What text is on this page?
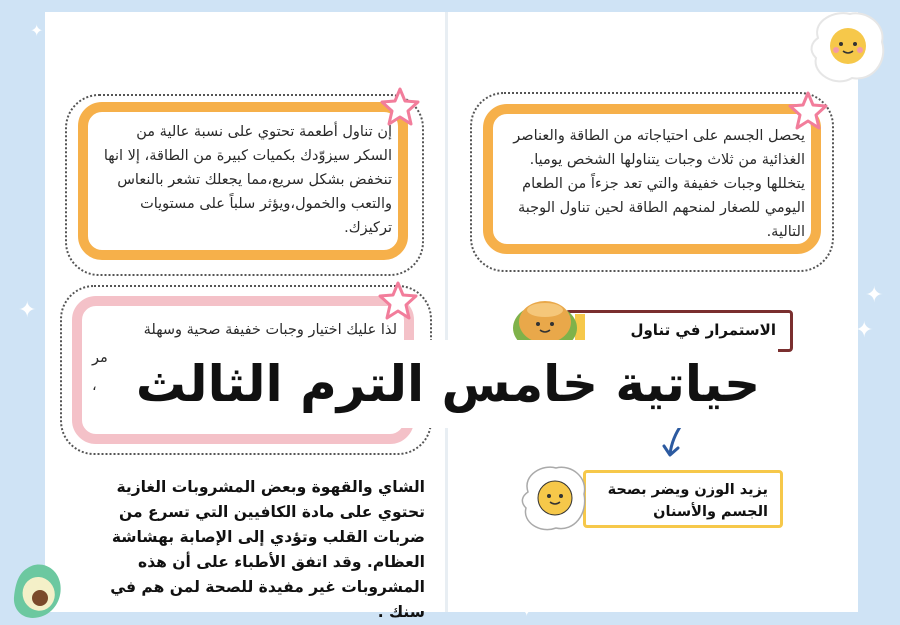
✦
✦
✦
✦
✦
✦
يحصل الجسم على احتياجاته من الطاقة والعناصر الغذائية من ثلاث وجبات يتناولها الشخص يوميا. يتخللها وجبات خفيفة والتي تعد جزءاً من الطعام اليومي للصغار لمنحهم الطاقة لحين تناول الوجبة التالية.
إن تناول أطعمة تحتوي على نسبة عالية من السكر سيزوّدك بكميات كبيرة من الطاقة، إلا انها تنخفض بشكل سريع،مما يجعلك تشعر بالنعاس والتعب والخمول،ويؤثر سلباً على مستويات تركيزك.
لذا عليك اختيار وجبات خفيفة صحية وسهلة
مر
،
الاستمرار في تناول
يزيد الوزن ويضر بصحة الجسم والأسنان
الشاي والقهوة وبعض المشروبات الغازية تحتوي على مادة الكافيين التي تسرع من ضربات القلب وتؤدي إلى الإصابة بهشاشة العظام. وقد اتفق الأطباء على أن هذه المشروبات غير مفيدة للصحة لمن هم في سنك .
حياتية خامس الترم الثالث
